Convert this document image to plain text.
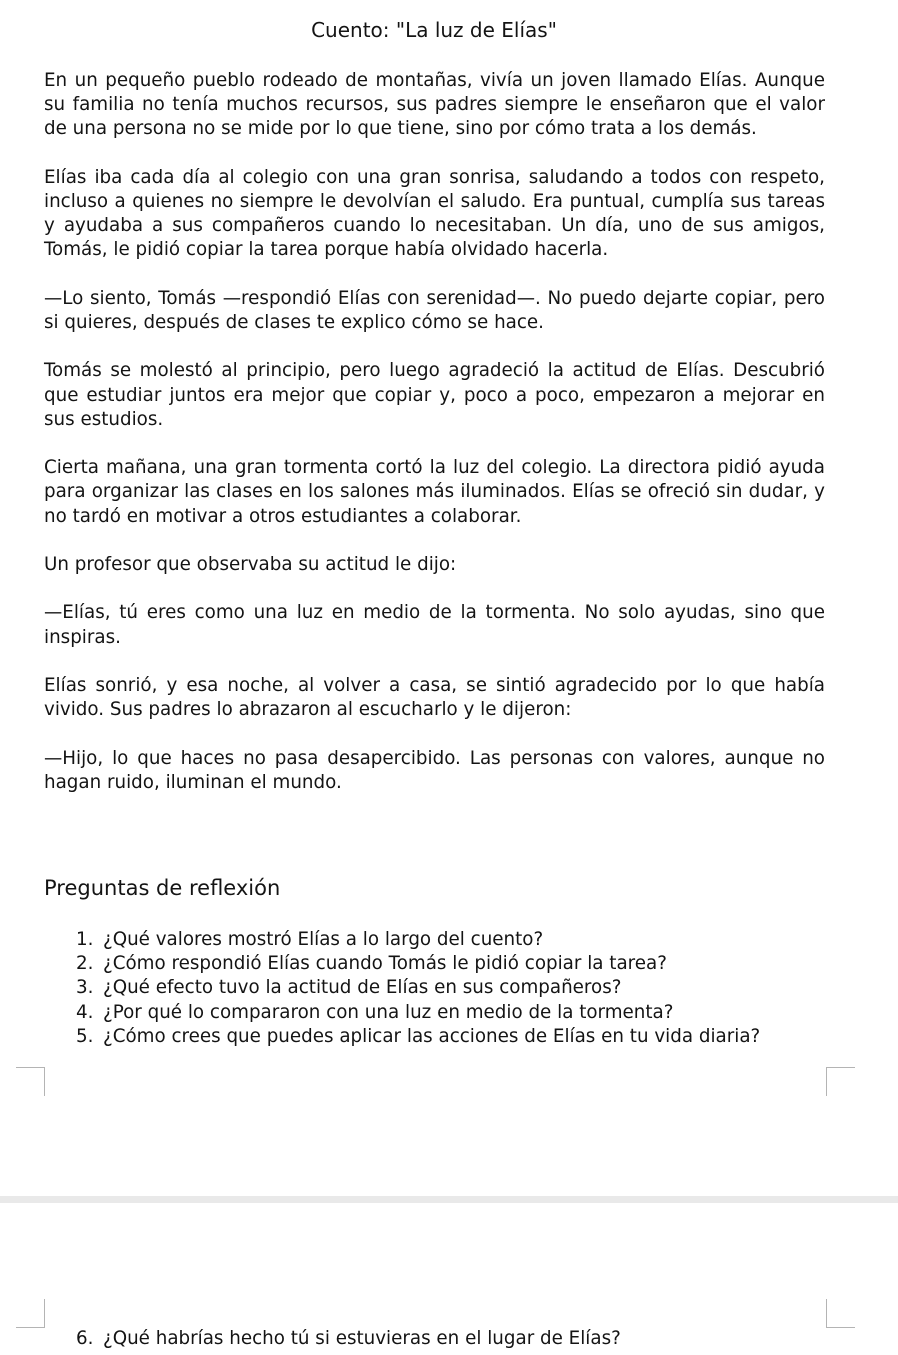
Cuento: "La luz de Elías"

En un pequeño pueblo rodeado de montañas, vivía un joven llamado Elías. Aunque su familia no tenía muchos recursos, sus padres siempre le enseñaron que el valor de una persona no se mide por lo que tiene, sino por cómo trata a los demás.

Elías iba cada día al colegio con una gran sonrisa, saludando a todos con respeto, incluso a quienes no siempre le devolvían el saludo. Era puntual, cumplía sus tareas y ayudaba a sus compañeros cuando lo necesitaban. Un día, uno de sus amigos, Tomás, le pidió copiar la tarea porque había olvidado hacerla.

—Lo siento, Tomás —respondió Elías con serenidad—. No puedo dejarte copiar, pero si quieres, después de clases te explico cómo se hace.

Tomás se molestó al principio, pero luego agradeció la actitud de Elías. Descubrió que estudiar juntos era mejor que copiar y, poco a poco, empezaron a mejorar en sus estudios.

Cierta mañana, una gran tormenta cortó la luz del colegio. La directora pidió ayuda para organizar las clases en los salones más iluminados. Elías se ofreció sin dudar, y no tardó en motivar a otros estudiantes a colaborar.

Un profesor que observaba su actitud le dijo:

—Elías, tú eres como una luz en medio de la tormenta. No solo ayudas, sino que inspiras.

Elías sonrió, y esa noche, al volver a casa, se sintió agradecido por lo que había vivido. Sus padres lo abrazaron al escucharlo y le dijeron:

—Hijo, lo que haces no pasa desapercibido. Las personas con valores, aunque no hagan ruido, iluminan el mundo.

Preguntas de reflexión
1. ¿Qué valores mostró Elías a lo largo del cuento?
2. ¿Cómo respondió Elías cuando Tomás le pidió copiar la tarea?
3. ¿Qué efecto tuvo la actitud de Elías en sus compañeros?
4. ¿Por qué lo compararon con una luz en medio de la tormenta?
5. ¿Cómo crees que puedes aplicar las acciones de Elías en tu vida diaria?
6. ¿Qué habrías hecho tú si estuvieras en el lugar de Elías?
